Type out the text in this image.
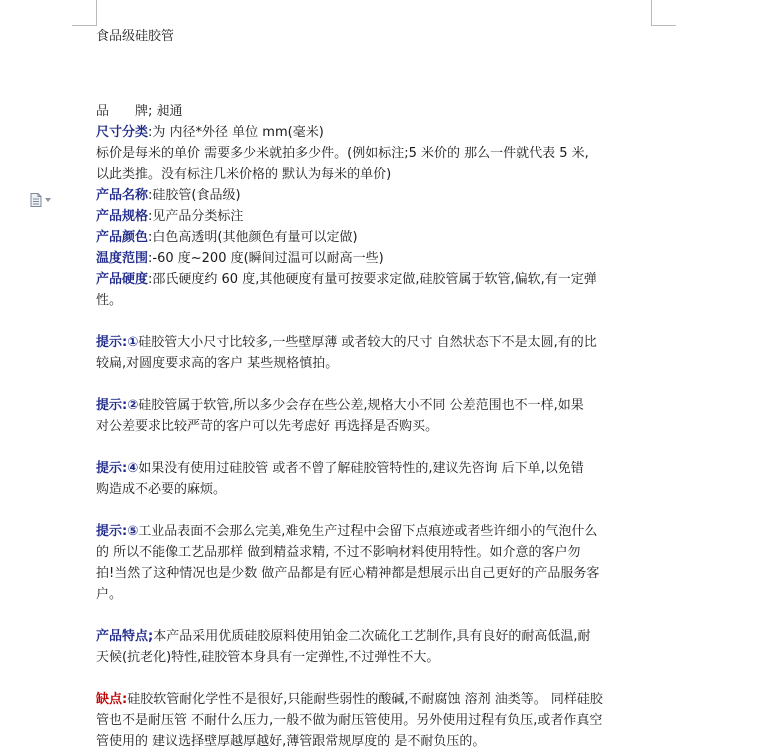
食品级硅胶管

品　　牌; 昶通

尺寸分类:为 内径*外径 单位 mm(毫米)

标价是每米的单价 需要多少米就拍多少件。(例如标注;5 米价的 那么一件就代表 5 米,

以此类推。没有标注几米价格的 默认为每米的单价)

产品名称:硅胶管(食品级)

产品规格:见产品分类标注

产品颜色:白色高透明(其他颜色有量可以定做)

温度范围:-60 度~200 度(瞬间过温可以耐高一些)

产品硬度:邵氏硬度约 60 度,其他硬度有量可按要求定做,硅胶管属于软管,偏软,有一定弹

性。

提示:①硅胶管大小尺寸比较多,一些壁厚薄 或者较大的尺寸 自然状态下不是太圆,有的比

较扁,对圆度要求高的客户 某些规格慎拍。

提示:②硅胶管属于软管,所以多少会存在些公差,规格大小不同 公差范围也不一样,如果

对公差要求比较严苛的客户可以先考虑好 再选择是否购买。

提示:④如果没有使用过硅胶管 或者不曾了解硅胶管特性的,建议先咨询 后下单,以免错

购造成不必要的麻烦。

提示:⑤工业品表面不会那么完美,难免生产过程中会留下点痕迹或者些许细小的气泡什么

的 所以不能像工艺品那样 做到精益求精, 不过不影响材料使用特性。如介意的客户勿

拍!当然了这种情况也是少数 做产品都是有匠心精神都是想展示出自己更好的产品服务客

户。

产品特点;本产品采用优质硅胶原料使用铂金二次硫化工艺制作,具有良好的耐高低温,耐

天候(抗老化)特性,硅胶管本身具有一定弹性,不过弹性不大。

缺点:硅胶软管耐化学性不是很好,只能耐些弱性的酸碱,不耐腐蚀 溶剂 油类等。 同样硅胶

管也不是耐压管 不耐什么压力,一般不做为耐压管使用。另外使用过程有负压,或者作真空

管使用的 建议选择壁厚越厚越好,薄管跟常规厚度的 是不耐负压的。
